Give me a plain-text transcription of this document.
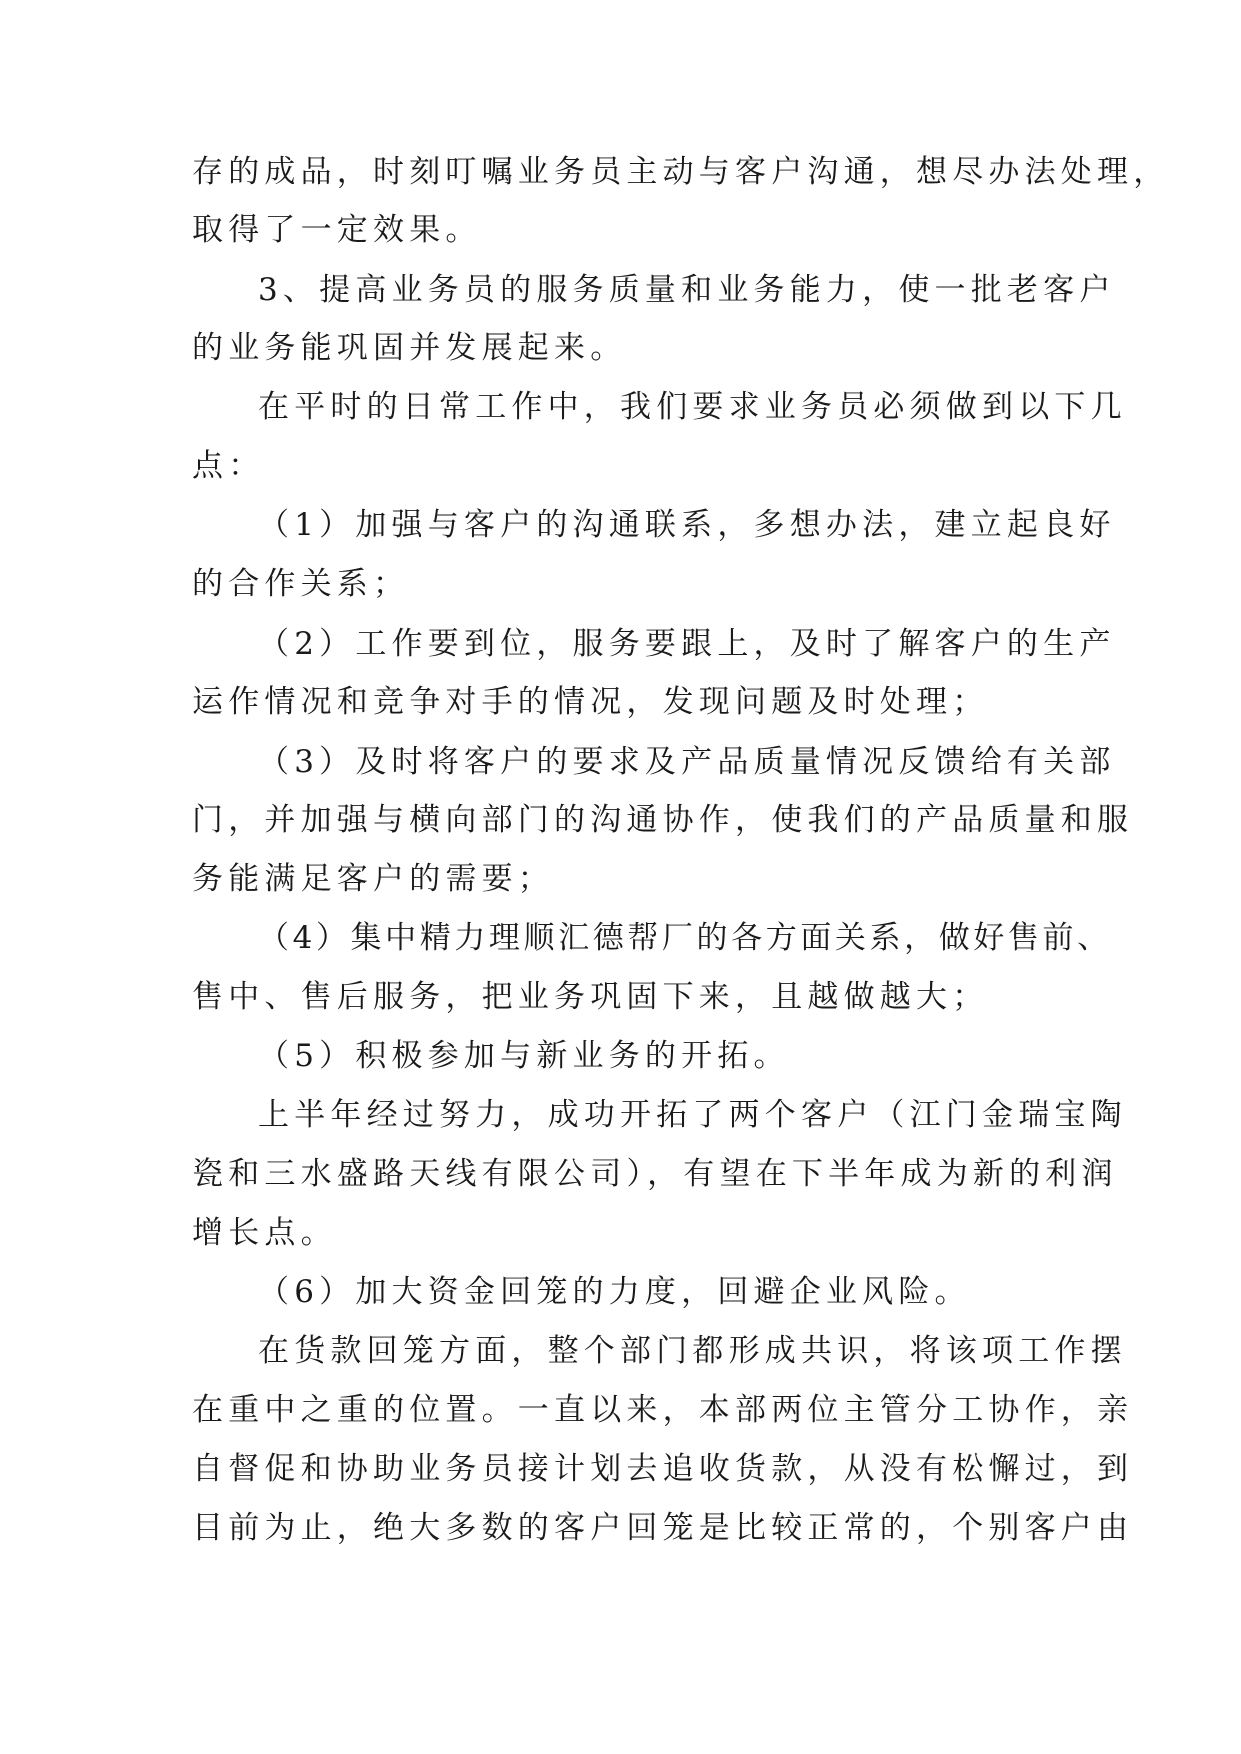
存的成品，时刻叮嘱业务员主动与客户沟通，想尽办法处理，
取得了一定效果。
3、提高业务员的服务质量和业务能力，使一批老客户
的业务能巩固并发展起来。
在平时的日常工作中，我们要求业务员必须做到以下几
点：
（1）加强与客户的沟通联系，多想办法，建立起良好
的合作关系；
（2）工作要到位，服务要跟上，及时了解客户的生产
运作情况和竞争对手的情况，发现问题及时处理；
（3）及时将客户的要求及产品质量情况反馈给有关部
门，并加强与横向部门的沟通协作，使我们的产品质量和服
务能满足客户的需要；
（4）集中精力理顺汇德帮厂的各方面关系，做好售前、
售中、售后服务，把业务巩固下来，且越做越大；
（5）积极参加与新业务的开拓。
上半年经过努力，成功开拓了两个客户（江门金瑞宝陶
瓷和三水盛路天线有限公司），有望在下半年成为新的利润
增长点。
（6）加大资金回笼的力度，回避企业风险。
在货款回笼方面，整个部门都形成共识，将该项工作摆
在重中之重的位置。一直以来，本部两位主管分工协作，亲
自督促和协助业务员接计划去追收货款，从没有松懈过，到
目前为止，绝大多数的客户回笼是比较正常的，个别客户由
